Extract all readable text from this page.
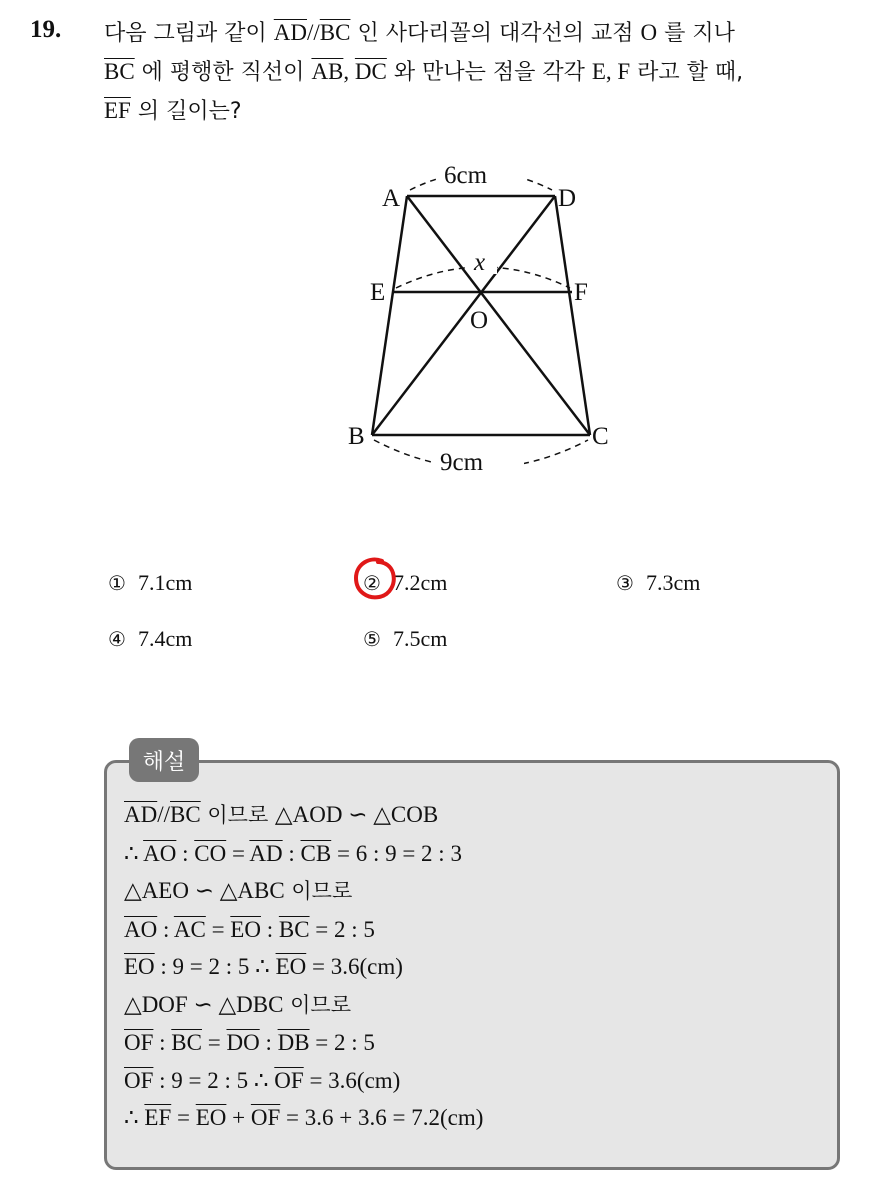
19. 다음 그림과 같이 $\overline{AD}//\overline{BC}$ 인 사다리꼴의 대각선의 교점 O 를 지나
$\overline{BC}$ 에 평행한 직선이 $\overline{AB}$, $\overline{DC}$ 와 만나는 점을 각각 E, F 라고 할 때,
$\overline{EF}$ 의 길이는?
A	D
E	F
O
B	C
6cm
9cm
x
① 7.1cm	② 7.2cm	③ 7.3cm
④ 7.4cm	⑤ 7.5cm
해설
$\overline{AD}//\overline{BC}$ 이므로 △AOD ∽ △COB
∴ $\overline{AO}$ : $\overline{CO} = \overline{AD}$ : $\overline{CB} = 6$ : 9 = 2 : 3
△AEO ∽ △ABC 이므로
$\overline{AO}$ : $\overline{AC} = \overline{EO}$ : $\overline{BC} = 2$ : 5
$\overline{EO}$ : 9 = 2 : 5 ∴ $\overline{EO} = 3.6(cm)$
△DOF ∽ △DBC 이므로
$\overline{OF}$ : $\overline{BC} = \overline{DO}$ : $\overline{DB} = 2$ : 5
$\overline{OF}$ : 9 = 2 : 5 ∴ $\overline{OF} = 3.6(cm)$
∴ $\overline{EF} = \overline{EO} + \overline{OF} = 3.6 + 3.6 = 7.2(cm)$
